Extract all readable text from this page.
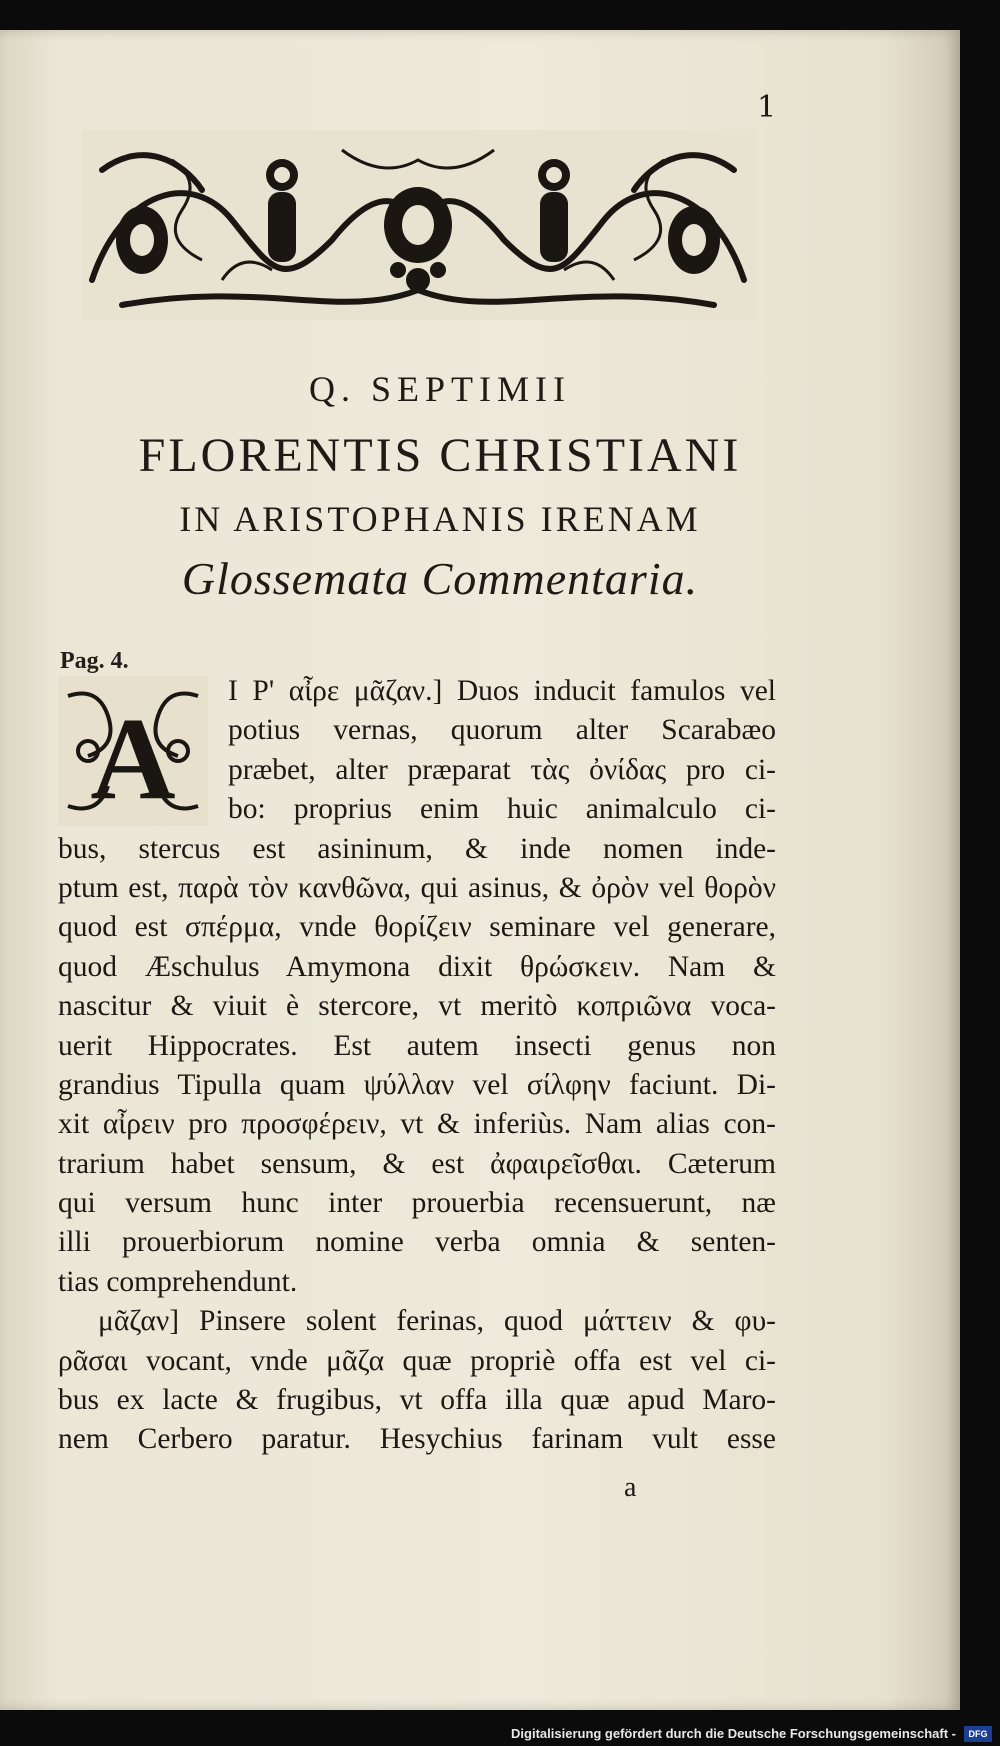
1
Q. SEPTIMII
FLORENTIS CHRISTIANI
IN ARISTOPHANIS IRENAM
Glossemata Commentaria.
Pag. 4.
A
I P' αἶρε μᾶζαν.] Duos inducit famulos vel
potius vernas, quorum alter Scarabæo
præbet, alter præparat τὰς ὀνίδας pro ci-
bo: proprius enim huic animalculo ci-
bus, stercus est asininum, & inde nomen inde-
ptum est, παρὰ τὸν κανθῶνα, qui asinus, & ὀρὸν vel θορὸν
quod est σπέρμα, vnde θορίζειν seminare vel generare,
quod Æschulus Amymona dixit θρώσκειν. Nam &
nascitur & viuit è stercore, vt meritò κοπριῶνα voca-
uerit Hippocrates. Est autem insecti genus non
grandius Tipulla quam ψύλλαν vel σίλφην faciunt. Di-
xit αἶρειν pro προσφέρειν, vt & inferiùs. Nam alias con-
trarium habet sensum, & est ἀφαιρεῖσθαι. Cæterum
qui versum hunc inter prouerbia recensuerunt, næ
illi prouerbiorum nomine verba omnia & senten-
tias comprehendunt.
μᾶζαν] Pinsere solent ferinas, quod μάττειν & φυ-
ρᾶσαι vocant, vnde μᾶζα quæ propriè offa est vel ci-
bus ex lacte & frugibus, vt offa illa quæ apud Maro-
nem Cerbero paratur. Hesychius farinam vult esse
a
Digitalisierung gefördert durch die Deutsche Forschungsgemeinschaft -	DFG
